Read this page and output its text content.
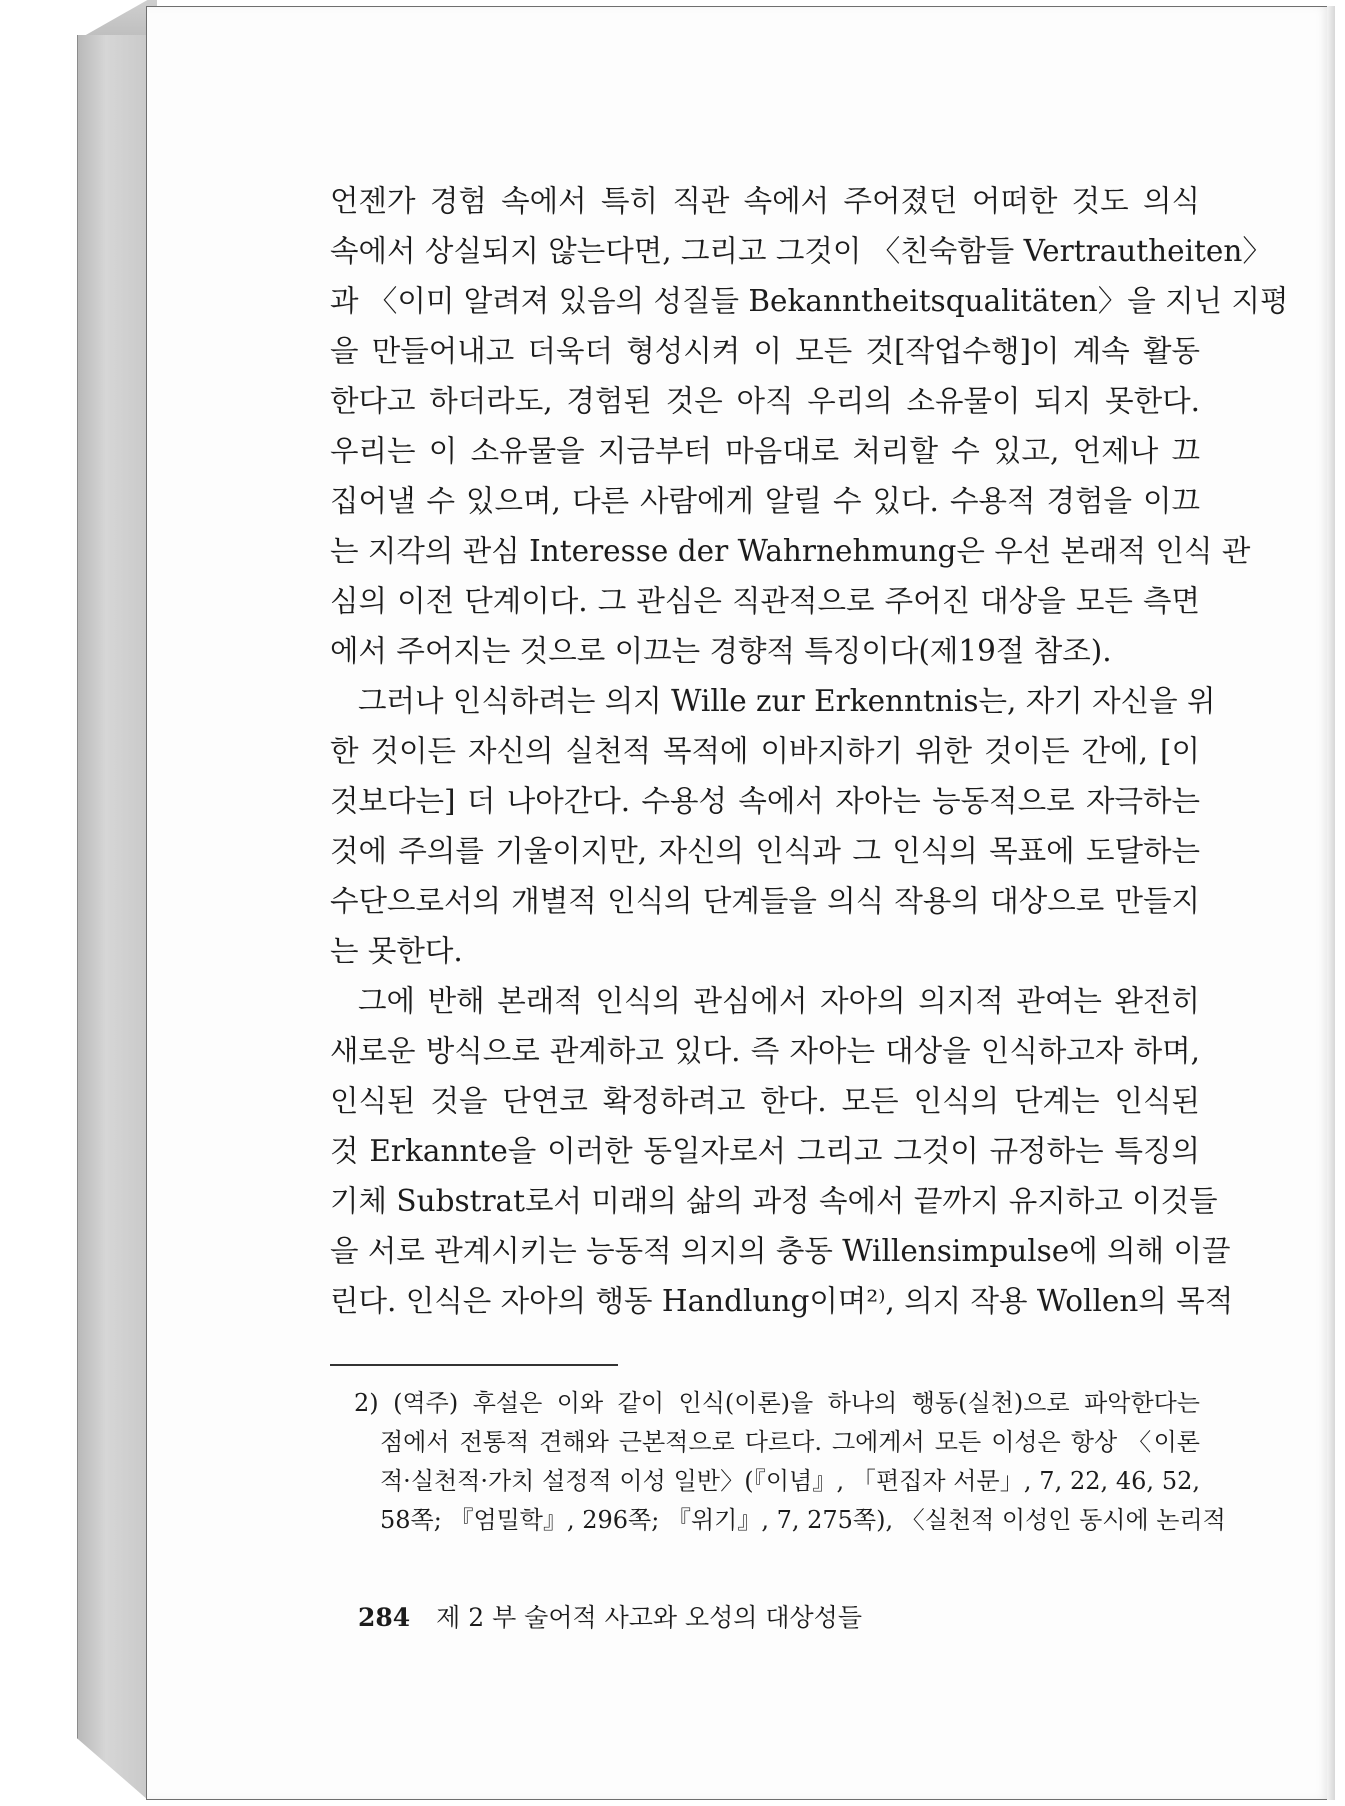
언젠가 경험 속에서 특히 직관 속에서 주어졌던 어떠한 것도 의식
속에서 상실되지 않는다면, 그리고 그것이 〈친숙함들 Vertrautheiten〉
과 〈이미 알려져 있음의 성질들 Bekanntheitsqualitäten〉을 지닌 지평
을 만들어내고 더욱더 형성시켜 이 모든 것[작업수행]이 계속 활동
한다고 하더라도, 경험된 것은 아직 우리의 소유물이 되지 못한다.
우리는 이 소유물을 지금부터 마음대로 처리할 수 있고, 언제나 끄
집어낼 수 있으며, 다른 사람에게 알릴 수 있다. 수용적 경험을 이끄
는 지각의 관심 Interesse der Wahrnehmung은 우선 본래적 인식 관
심의 이전 단계이다. 그 관심은 직관적으로 주어진 대상을 모든 측면
에서 주어지는 것으로 이끄는 경향적 특징이다(제19절 참조).
그러나 인식하려는 의지 Wille zur Erkenntnis는, 자기 자신을 위
한 것이든 자신의 실천적 목적에 이바지하기 위한 것이든 간에, [이
것보다는] 더 나아간다. 수용성 속에서 자아는 능동적으로 자극하는
것에 주의를 기울이지만, 자신의 인식과 그 인식의 목표에 도달하는
수단으로서의 개별적 인식의 단계들을 의식 작용의 대상으로 만들지
는 못한다.
그에 반해 본래적 인식의 관심에서 자아의 의지적 관여는 완전히
새로운 방식으로 관계하고 있다. 즉 자아는 대상을 인식하고자 하며,
인식된 것을 단연코 확정하려고 한다. 모든 인식의 단계는 인식된
것 Erkannte을 이러한 동일자로서 그리고 그것이 규정하는 특징의
기체 Substrat로서 미래의 삶의 과정 속에서 끝까지 유지하고 이것들
을 서로 관계시키는 능동적 의지의 충동 Willensimpulse에 의해 이끌
린다. 인식은 자아의 행동 Handlung이며²⁾, 의지 작용 Wollen의 목적
2) (역주) 후설은 이와 같이 인식(이론)을 하나의 행동(실천)으로 파악한다는
점에서 전통적 견해와 근본적으로 다르다. 그에게서 모든 이성은 항상 〈이론
적·실천적·가치 설정적 이성 일반〉(『이념』, 「편집자 서문」, 7, 22, 46, 52,
58쪽; 『엄밀학』, 296쪽; 『위기』, 7, 275쪽), 〈실천적 이성인 동시에 논리적
284 제 2 부 술어적 사고와 오성의 대상성들
